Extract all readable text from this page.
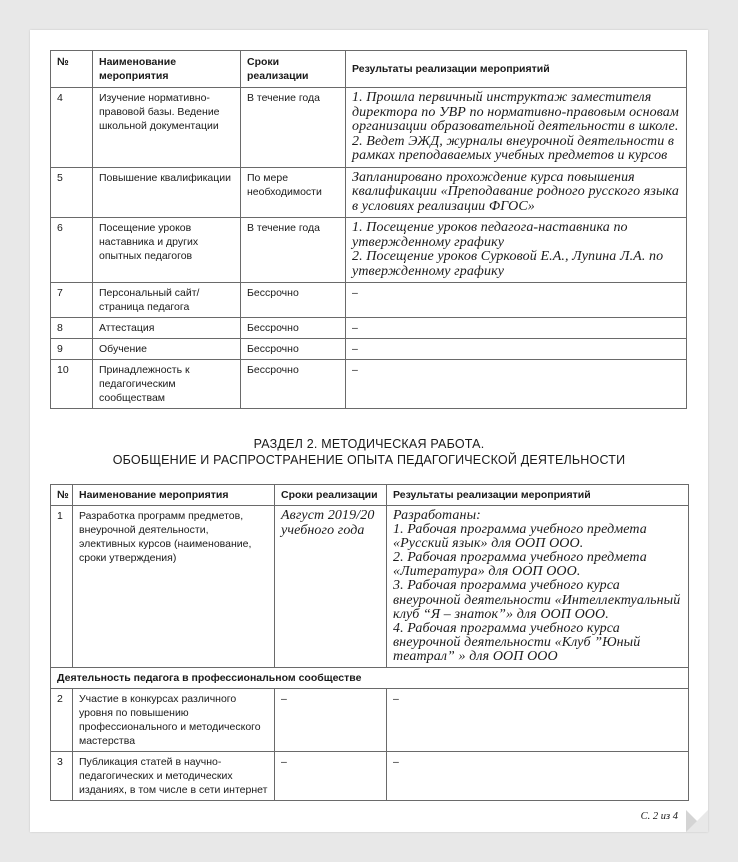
№	Наименование мероприятия	Сроки реализации	Результаты реализации мероприятий
4	Изучение нормативно-правовой базы. Ведение школьной документации	В течение года	1. Прошла первичный инструктаж заместителя директора по УВР по нормативно-правовым основам организации образовательной деятельности в школе.
2. Ведет ЭЖД, журналы внеурочной деятельности в рамках преподаваемых учебных предметов и курсов
5	Повышение квалификации	По мере необходимости	Запланировано прохождение курса повышения квалификации «Преподавание родного русского языка в условиях реализации ФГОС»
6	Посещение уроков наставника и других опытных педагогов	В течение года	1. Посещение уроков педагога-наставника по утвержденному графику
2. Посещение уроков Сурковой Е.А., Лупина Л.А. по утвержденному графику
7	Персональный сайт/страница педагога	Бессрочно	–
8	Аттестация	Бессрочно	–
9	Обучение	Бессрочно	–
10	Принадлежность к педагогическим сообществам	Бессрочно	–
РАЗДЕЛ 2. МЕТОДИЧЕСКАЯ РАБОТА.
ОБОБЩЕНИЕ И РАСПРОСТРАНЕНИЕ ОПЫТА ПЕДАГОГИЧЕСКОЙ ДЕЯТЕЛЬНОСТИ
№	Наименование мероприятия	Сроки реализации	Результаты реализации мероприятий
1	Разработка программ предметов, внеурочной деятельности, элективных курсов (наименование, сроки утверждения)	Август 2019/20 учебного года	Разработаны:
1. Рабочая программа учебного предмета «Русский язык» для ООП ООО.
2. Рабочая программа учебного предмета «Литература» для ООП ООО.
3. Рабочая программа учебного курса внеурочной деятельности «Интеллектуальный клуб “Я – знаток”» для ООП ООО.
4. Рабочая программа учебного курса внеурочной деятельности «Клуб ”Юный театрал” » для ООП ООО
Деятельность педагога в профессиональном сообществе			
2	Участие в конкурсах различного уровня по повышению профессионального и методического мастерства	–	–
3	Публикация статей в научно-педагогических и методических изданиях, в том числе в сети интернет	–	–
С. 2 из 4
